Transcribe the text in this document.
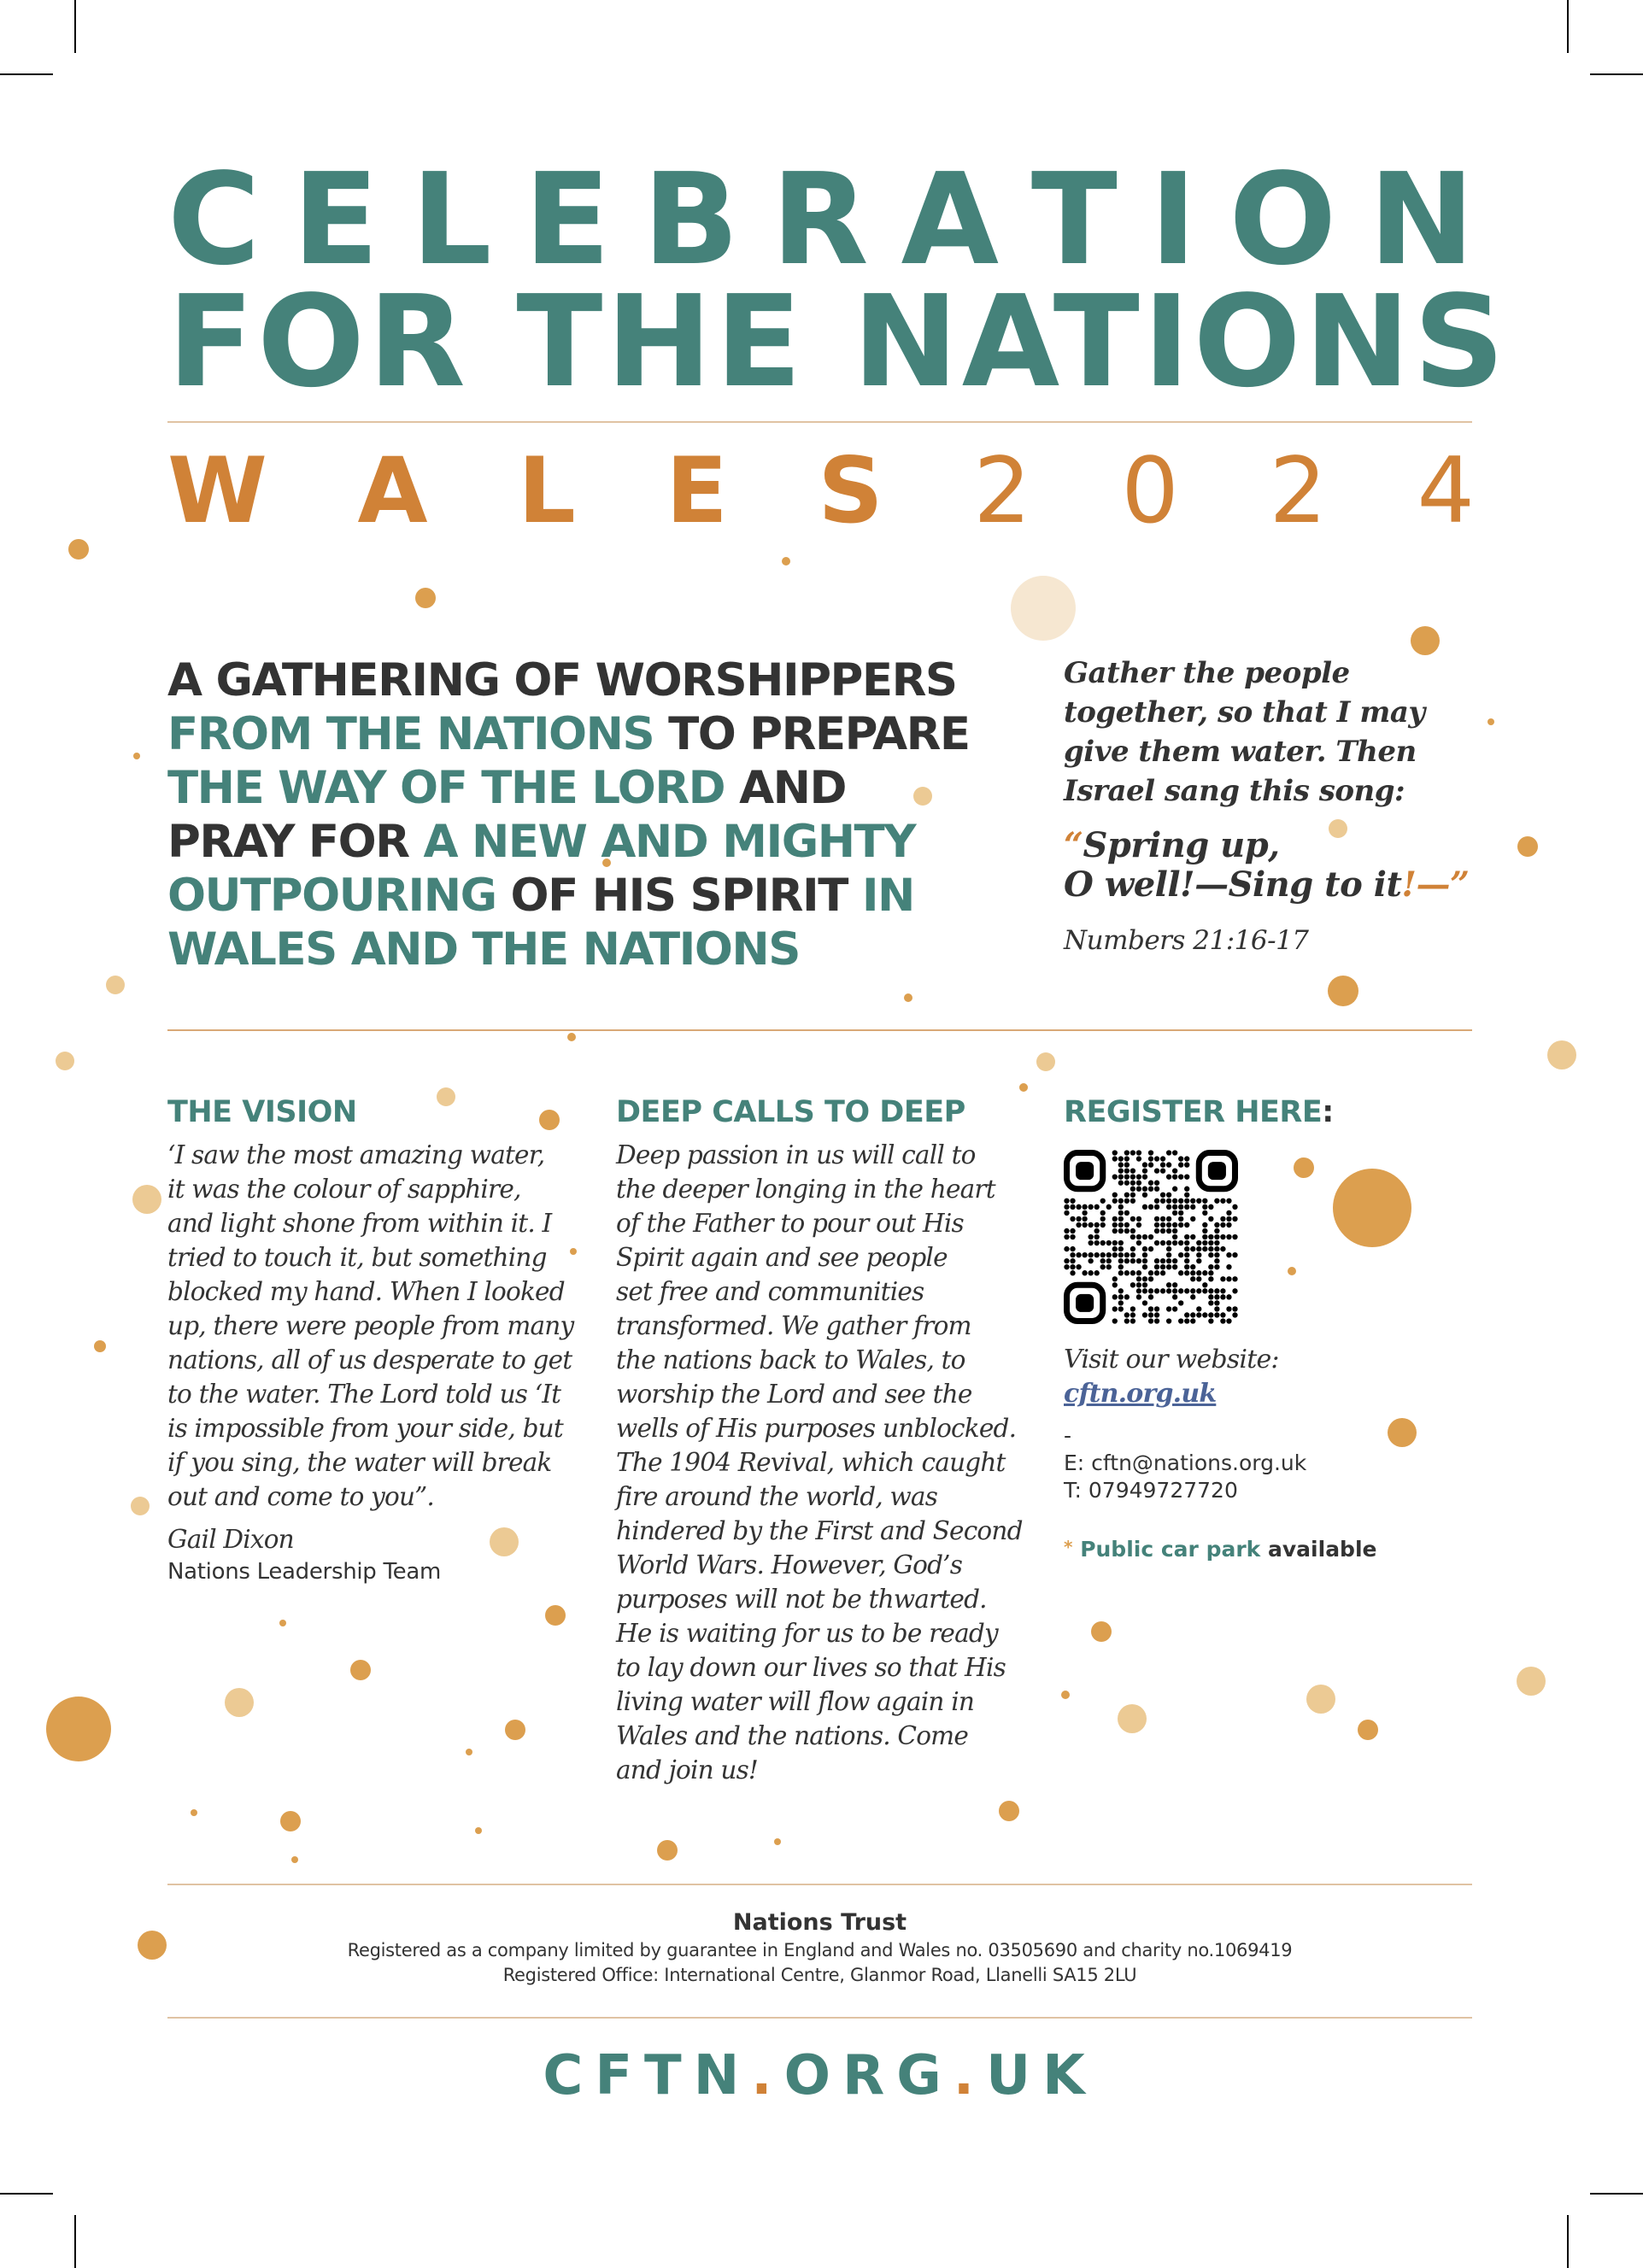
C E L E B R A T I O N
FOR THE NATIONS
W A L E S 2 0 2 4
A GATHERING OF WORSHIPPERS
FROM THE NATIONS TO PREPARE
THE WAY OF THE LORD AND
PRAY FOR A NEW AND MIGHTY
OUTPOURING OF HIS SPIRIT IN
WALES AND THE NATIONS
Gather the people
together, so that I may
give them water. Then
Israel sang this song:
“Spring up,
O well!—Sing to it!—”
Numbers 21:16-17
THE VISION
‘I saw the most amazing water,
it was the colour of sapphire,
and light shone from within it. I
tried to touch it, but something
blocked my hand. When I looked
up, there were people from many
nations, all of us desperate to get
to the water. The Lord told us ‘It
is impossible from your side, but
if you sing, the water will break
out and come to you”.
Gail Dixon
Nations Leadership Team
DEEP CALLS TO DEEP
Deep passion in us will call to
the deeper longing in the heart
of the Father to pour out His
Spirit again and see people
set free and communities
transformed. We gather from
the nations back to Wales, to
worship the Lord and see the
wells of His purposes unblocked.
The 1904 Revival, which caught
fire around the world, was
hindered by the First and Second
World Wars. However, God’s
purposes will not be thwarted.
He is waiting for us to be ready
to lay down our lives so that His
living water will flow again in
Wales and the nations. Come
and join us!
REGISTER HERE:
Visit our website:
cftn.org.uk
-
E: cftn@nations.org.uk
T: 07949727720
* Public car park available
Nations Trust
Registered as a company limited by guarantee in England and Wales no. 03505690 and charity no.1069419
Registered Office: International Centre, Glanmor Road, Llanelli SA15 2LU
CFTN.ORG.UK
